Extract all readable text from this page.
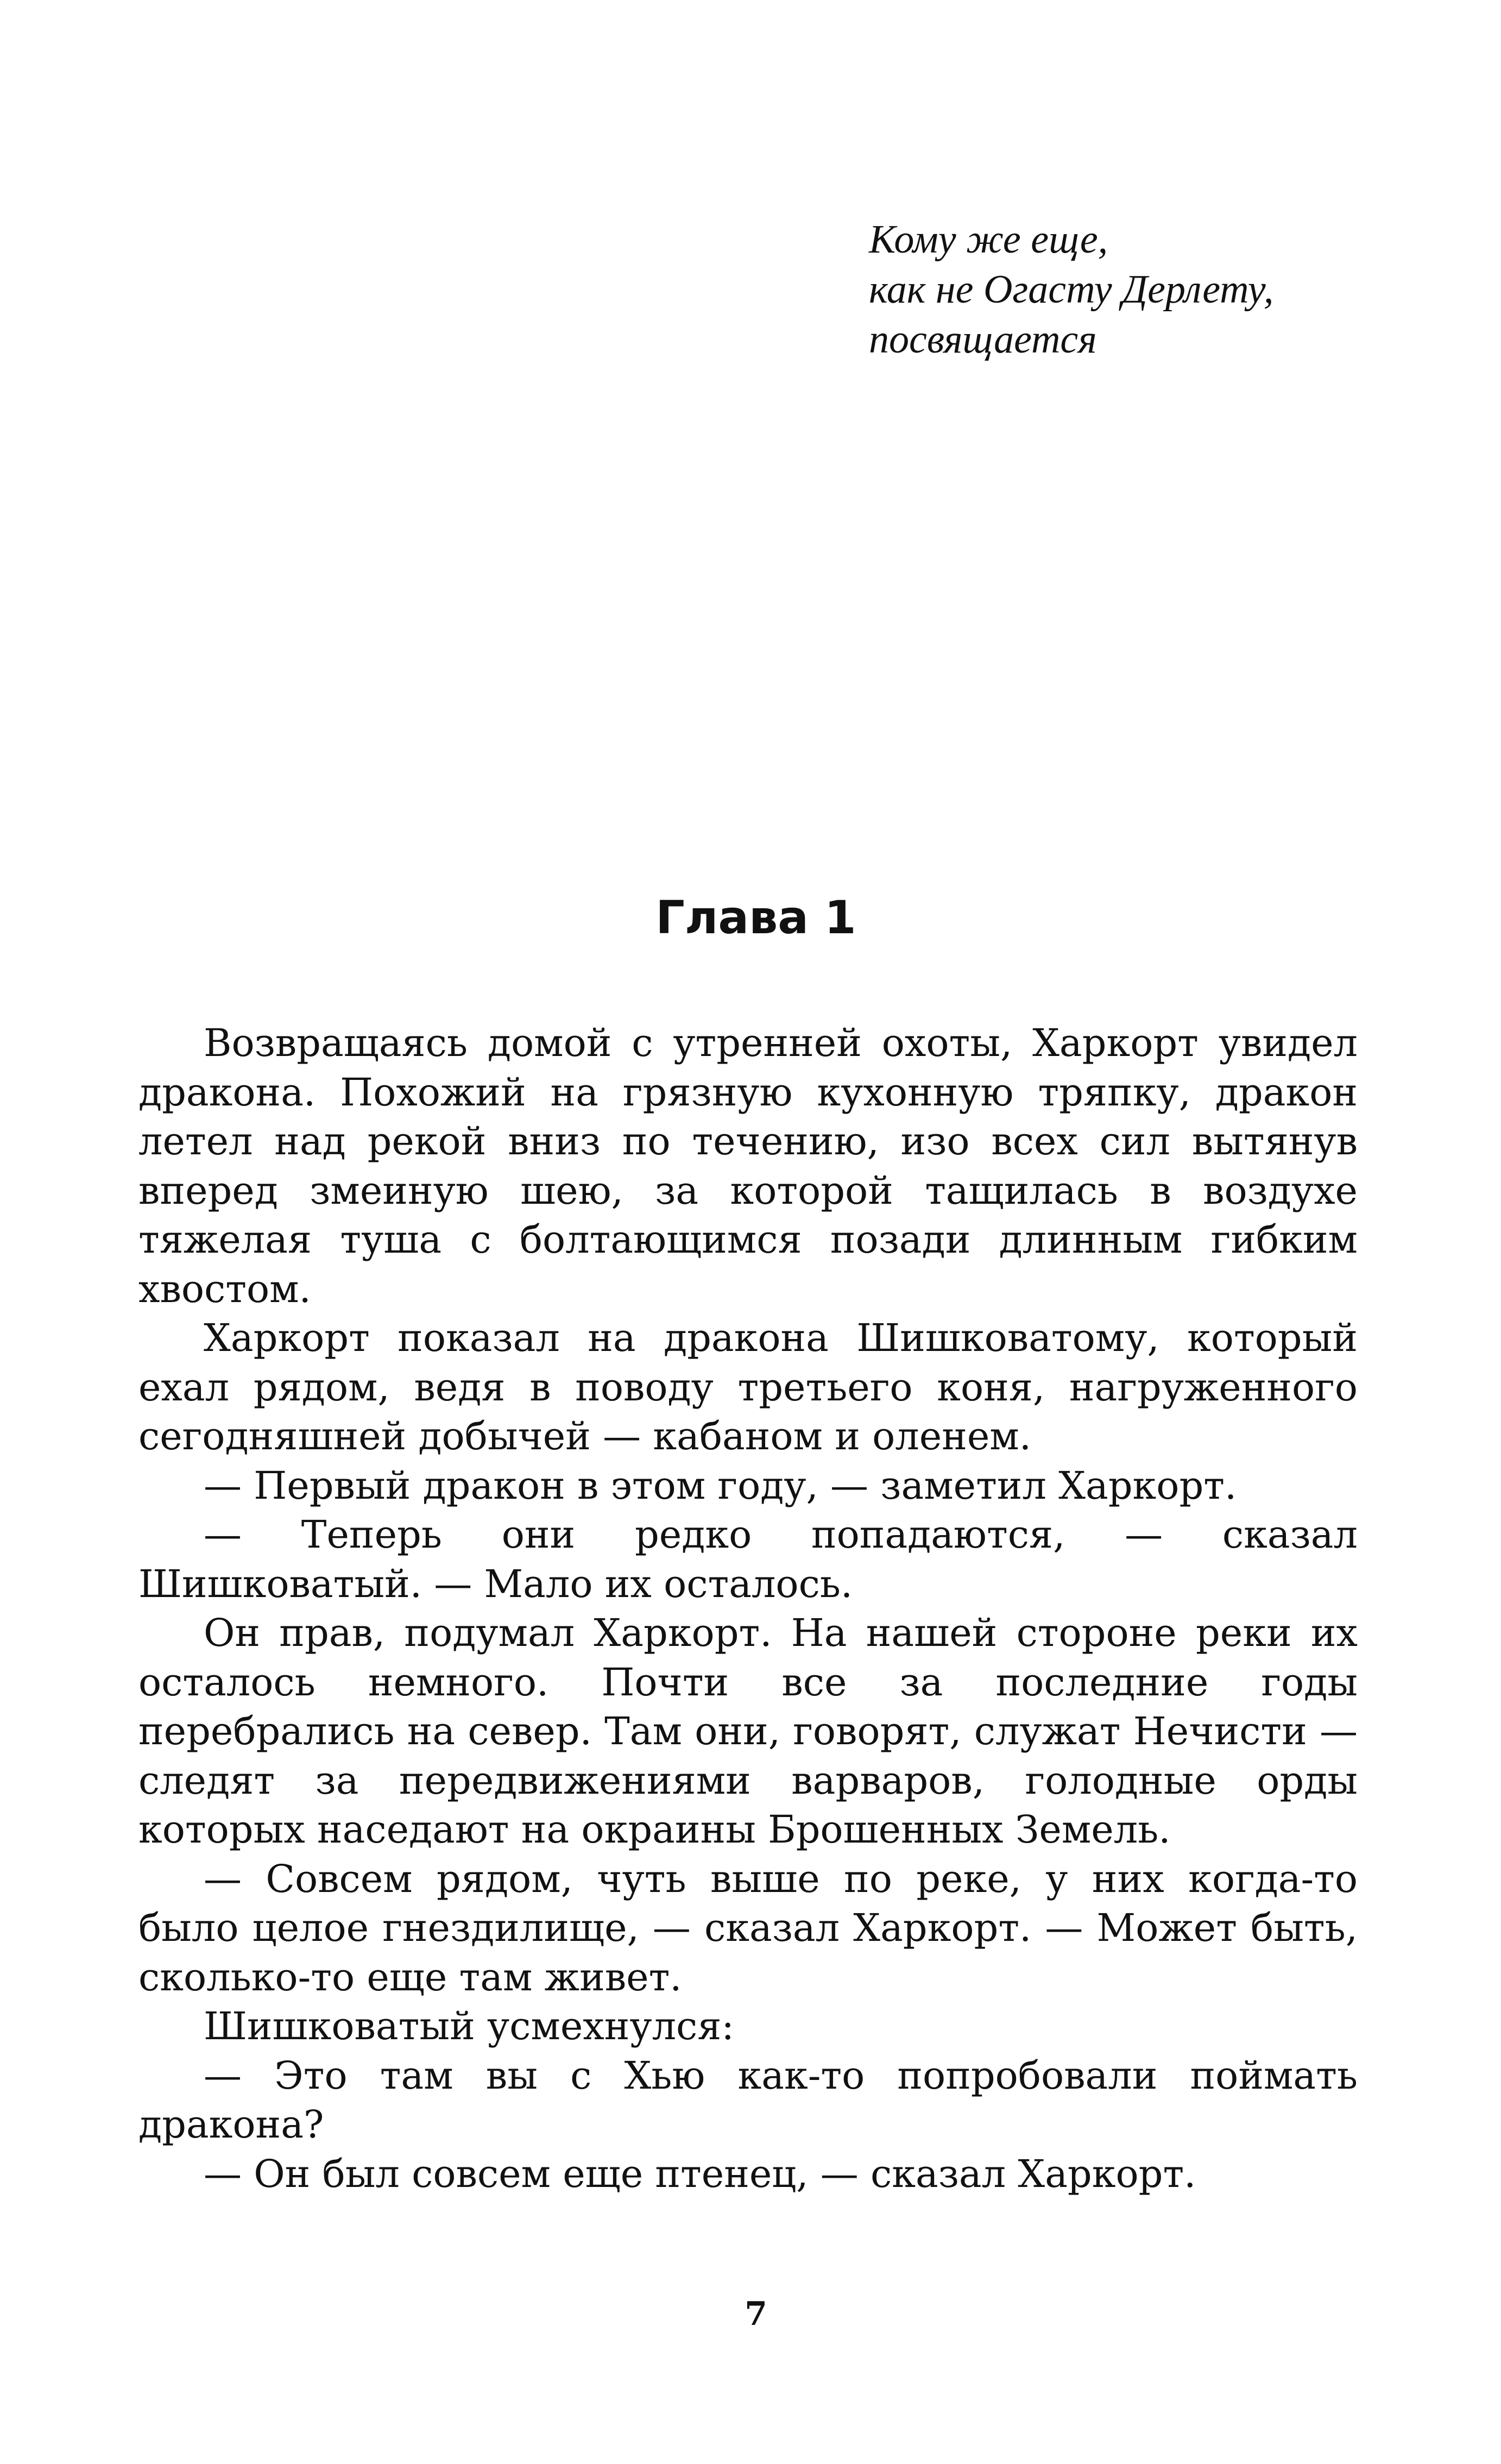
Кому же еще,
как не Огасту Дерлету,
посвящается
Глава 1

Возвращаясь домой с утренней охоты, Харкорт увидел дракона. Похожий на грязную кухонную тряпку, дракон летел над рекой вниз по течению, изо всех сил вытянув вперед змеиную шею, за которой тащилась в воздухе тяжелая туша с болтающимся позади длинным гибким хвостом.

Харкорт показал на дракона Шишковатому, который ехал рядом, ведя в поводу третьего коня, нагруженного сегодняшней добычей — кабаном и оленем.

— Первый дракон в этом году, — заметил Харкорт.

— Теперь они редко попадаются, — сказал Шишковатый. — Мало их осталось.

Он прав, подумал Харкорт. На нашей стороне реки их осталось немного. Почти все за последние годы перебрались на север. Там они, говорят, служат Нечисти — следят за передвижениями варваров, голодные орды которых наседают на окраины Брошенных Земель.

— Совсем рядом, чуть выше по реке, у них когда-то было целое гнездилище, — сказал Харкорт. — Может быть, сколько-то еще там живет.

Шишковатый усмехнулся:

— Это там вы с Хью как-то попробовали поймать дракона?

— Он был совсем еще птенец, — сказал Харкорт.

7
